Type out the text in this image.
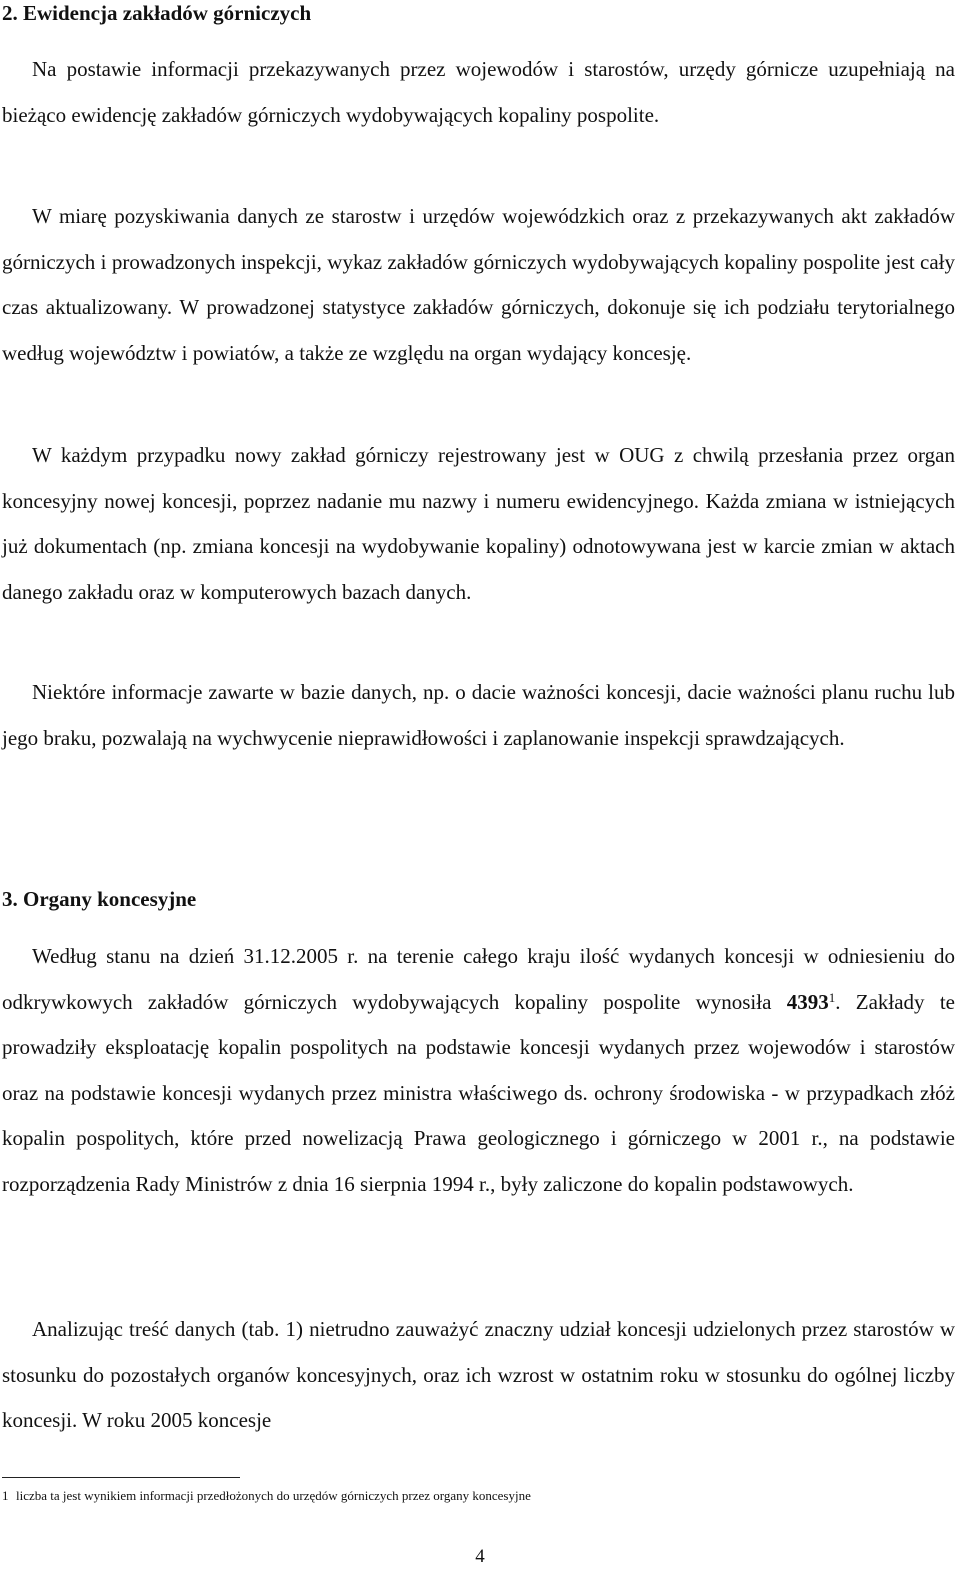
2. Ewidencja zakładów górniczych

Na postawie informacji przekazywanych przez wojewodów i starostów, urzędy górnicze uzupełniają na bieżąco ewidencję zakładów górniczych wydobywających kopaliny pospolite.

W miarę pozyskiwania danych ze starostw i urzędów wojewódzkich oraz z przekazywanych akt zakładów górniczych i prowadzonych inspekcji, wykaz zakładów górniczych wydobywających kopaliny pospolite jest cały czas aktualizowany. W prowadzonej statystyce zakładów górniczych, dokonuje się ich podziału terytorialnego według województw i powiatów, a także ze względu na organ wydający koncesję.

W każdym przypadku nowy zakład górniczy rejestrowany jest w OUG z chwilą przesłania przez organ koncesyjny nowej koncesji, poprzez nadanie mu nazwy i numeru ewidencyjnego. Każda zmiana w istniejących już dokumentach (np. zmiana koncesji na wydobywanie kopaliny) odnotowywana jest w karcie zmian w aktach danego zakładu oraz w komputerowych bazach danych.

Niektóre informacje zawarte w bazie danych, np. o dacie ważności koncesji, dacie ważności planu ruchu lub jego braku, pozwalają na wychwycenie nieprawidłowości i zaplanowanie inspekcji sprawdzających.

3. Organy koncesyjne

Według stanu na dzień 31.12.2005 r. na terenie całego kraju ilość wydanych koncesji w odniesieniu do odkrywkowych zakładów górniczych wydobywających kopaliny pospolite wynosiła 4393$^1$. Zakłady te prowadziły eksploatację kopalin pospolitych na podstawie koncesji wydanych przez wojewodów i starostów oraz na podstawie koncesji wydanych przez ministra właściwego ds. ochrony środowiska - w przypadkach złóż kopalin pospolitych, które przed nowelizacją Prawa geologicznego i górniczego w 2001 r., na podstawie rozporządzenia Rady Ministrów z dnia 16 sierpnia 1994 r., były zaliczone do kopalin podstawowych.

Analizując treść danych (tab. 1) nietrudno zauważyć znaczny udział koncesji udzielonych przez starostów w stosunku do pozostałych organów koncesyjnych, oraz ich wzrost w ostatnim roku w stosunku do ogólnej liczby koncesji. W roku 2005 koncesje

1 liczba ta jest wynikiem informacji przedłożonych do urzędów górniczych przez organy koncesyjne
4
